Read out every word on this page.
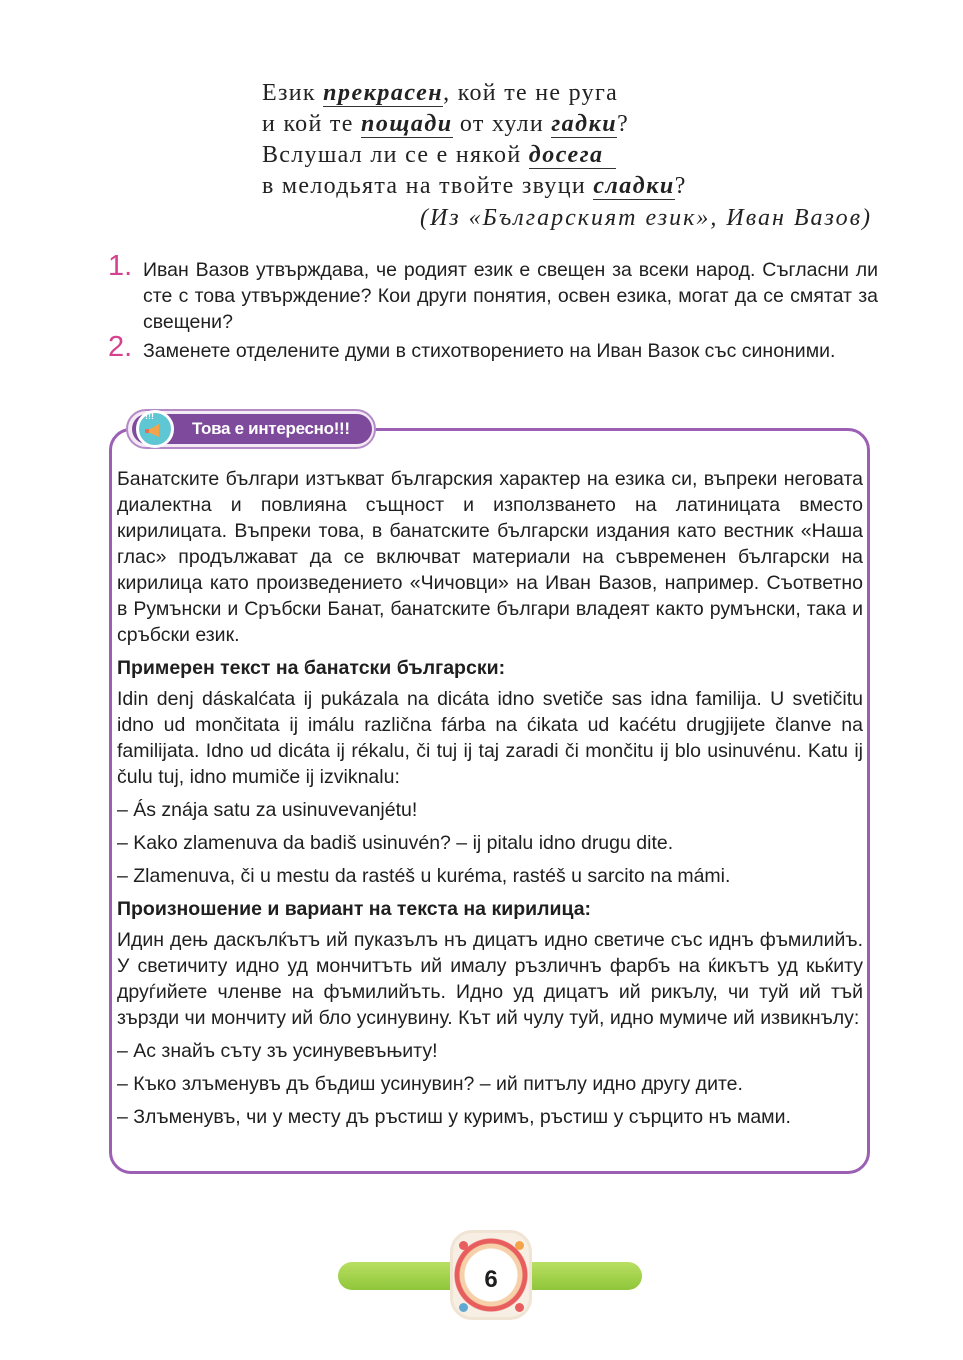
Език прекрасен, кой те не руга
и кой те пощади от хули гадки?
Вслушал ли се е някой досега
в мелодьята на твойте звуци сладки?
(Из «Българският език», Иван Вазов)
1. Иван Вазов утвърждава, че родият език е свещен за всеки народ. Съгласни ли сте с това утвърждение? Кои други понятия, освен езика, могат да се смятат за свещени?
2. Заменете отделените думи в стихотворението на Иван Вазок със синоними.
!!!
Това е интересно!!!

Банатските българи изтъкват българския характер на езика си, въпреки неговата диалектна и повлияна същност и използването на латиницата вместо кирилицата. Въпреки това, в банатските български издания като вестник «Наша глас» продължават да се включват материали на съвременен български на кирилица като произведението «Чичовци» на Иван Вазов, например. Съответно в Румънски и Сръбски Банат, банатските българи владеят както румънски, така и сръбски език.

Примерен текст на банатски български:

Idin denj dáskalćata ij pukázala na dicáta idno svetiče sas idna familija. U svetičitu idno ud mončitata ij imálu različna fárba na ćikata ud kaćétu drugjijete članve na familijata. Idno ud dicáta ij rékalu, či tuj ij taj zaradi či mončitu ij blo usinuvénu. Katu ij čulu tuj, idno mumiče ij izviknalu:

– Ás znája satu za usinuvevanjétu!

– Kako zlamenuva da badiš usinuvén? – ij pitalu idno drugu dite.

– Zlamenuva, či u mestu da rastéš u kuréma, rastéš u sarcito na mámi.

Произношение и вариант на текста на кирилица:

Идин дењ даскълќътъ ий пуказълъ нъ дицатъ идно светиче със иднъ фъмилийъ. У светичиту идно уд мончитъть ий имaлу ръзличнъ фарбъ на ќикътъ уд кьќиту друѓийете членве на фъмилийъть. Идно уд дицатъ ий рикълу, чи туй ий тъй зързди чи мончиту ий бло усинувину. Кът ий чулу туй, идно мумиче ий извикнълу:

– Ас знайъ съту зъ усинувевъњиту!

– Къко злъменувъ дъ бъдиш усинувин? – ий питълу идно другу дите.

– Злъменувъ, чи у месту дъ ръстиш у куримъ, ръстиш у сърцито нъ мами.

6
